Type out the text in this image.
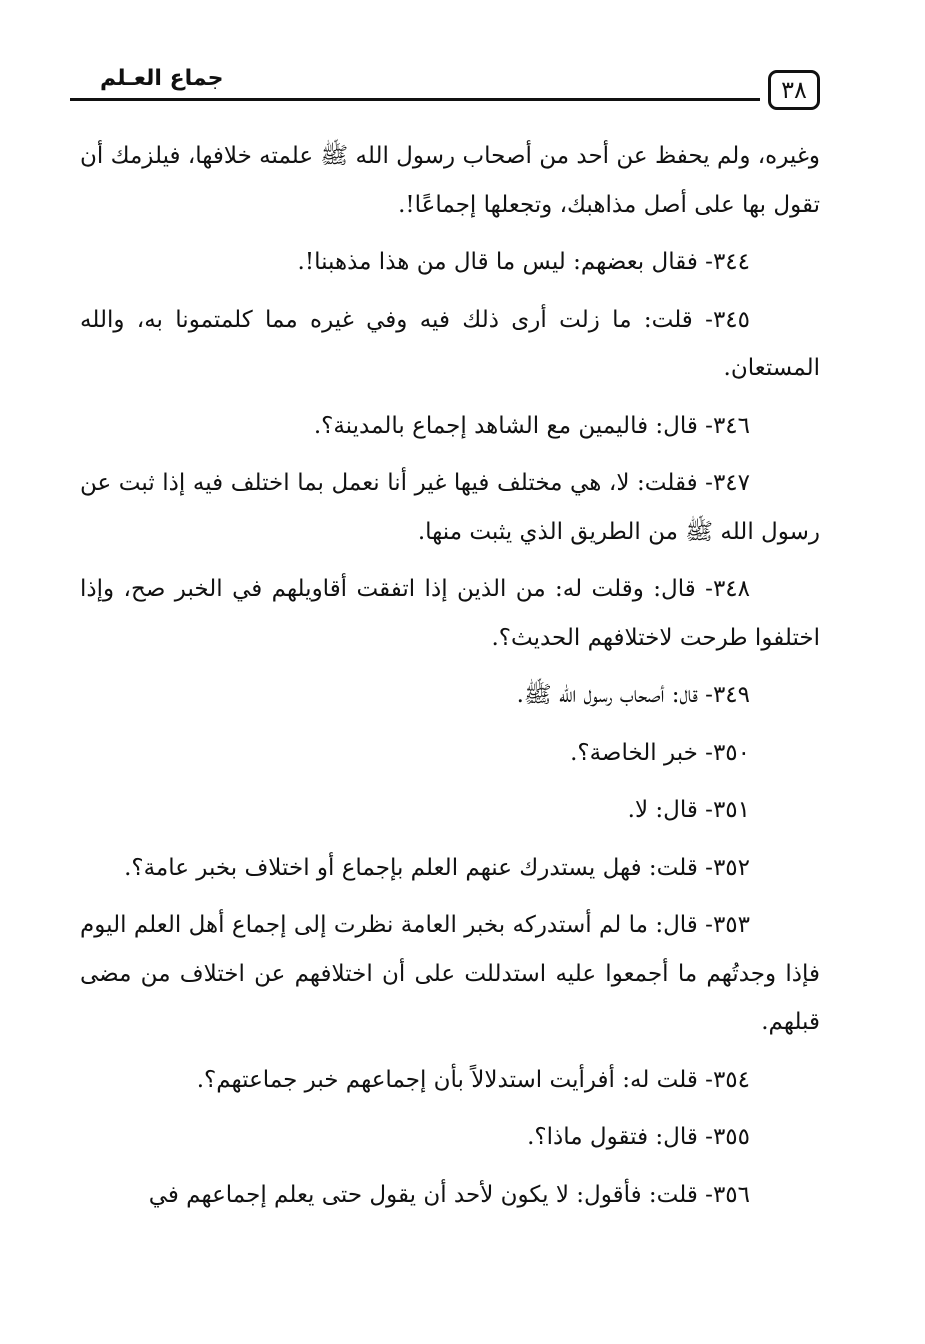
جماع العـلم	٣٨

وغيره، ولم يحفظ عن أحد من أصحاب رسول الله ﷺ علمته خلافها، فيلزمك أن تقول بها على أصل مذاهبك، وتجعلها إجماعًا!.

٣٤٤- فقال بعضهم: ليس ما قال من هذا مذهبنا!.

٣٤٥- قلت: ما زلت أرى ذلك فيه وفي غيره مما كلمتمونا به، والله المستعان.

٣٤٦- قال: فاليمين مع الشاهد إجماع بالمدينة؟.

٣٤٧- فقلت: لا، هي مختلف فيها غير أنا نعمل بما اختلف فيه إذا ثبت عن رسول الله ﷺ من الطريق الذي يثبت منها.

٣٤٨- قال: وقلت له: من الذين إذا اتفقت أقاويلهم في الخبر صح، وإذا اختلفوا طرحت لاختلافهم الحديث؟.

٣٤٩- قال: أصحاب رسول الله ﷺ.

٣٥٠- خبر الخاصة؟.

٣٥١- قال: لا.

٣٥٢- قلت: فهل يستدرك عنهم العلم بإجماع أو اختلاف بخبر عامة؟.

٣٥٣- قال: ما لم أستدركه بخبر العامة نظرت إلى إجماع أهل العلم اليوم فإذا وجدتُهم ما أجمعوا عليه استدللت على أن اختلافهم عن اختلاف من مضى قبلهم.

٣٥٤- قلت له: أفرأيت استدلالاً بأن إجماعهم خبر جماعتهم؟.

٣٥٥- قال: فتقول ماذا؟.

٣٥٦- قلت: فأقول: لا يكون لأحد أن يقول حتى يعلم إجماعهم في
